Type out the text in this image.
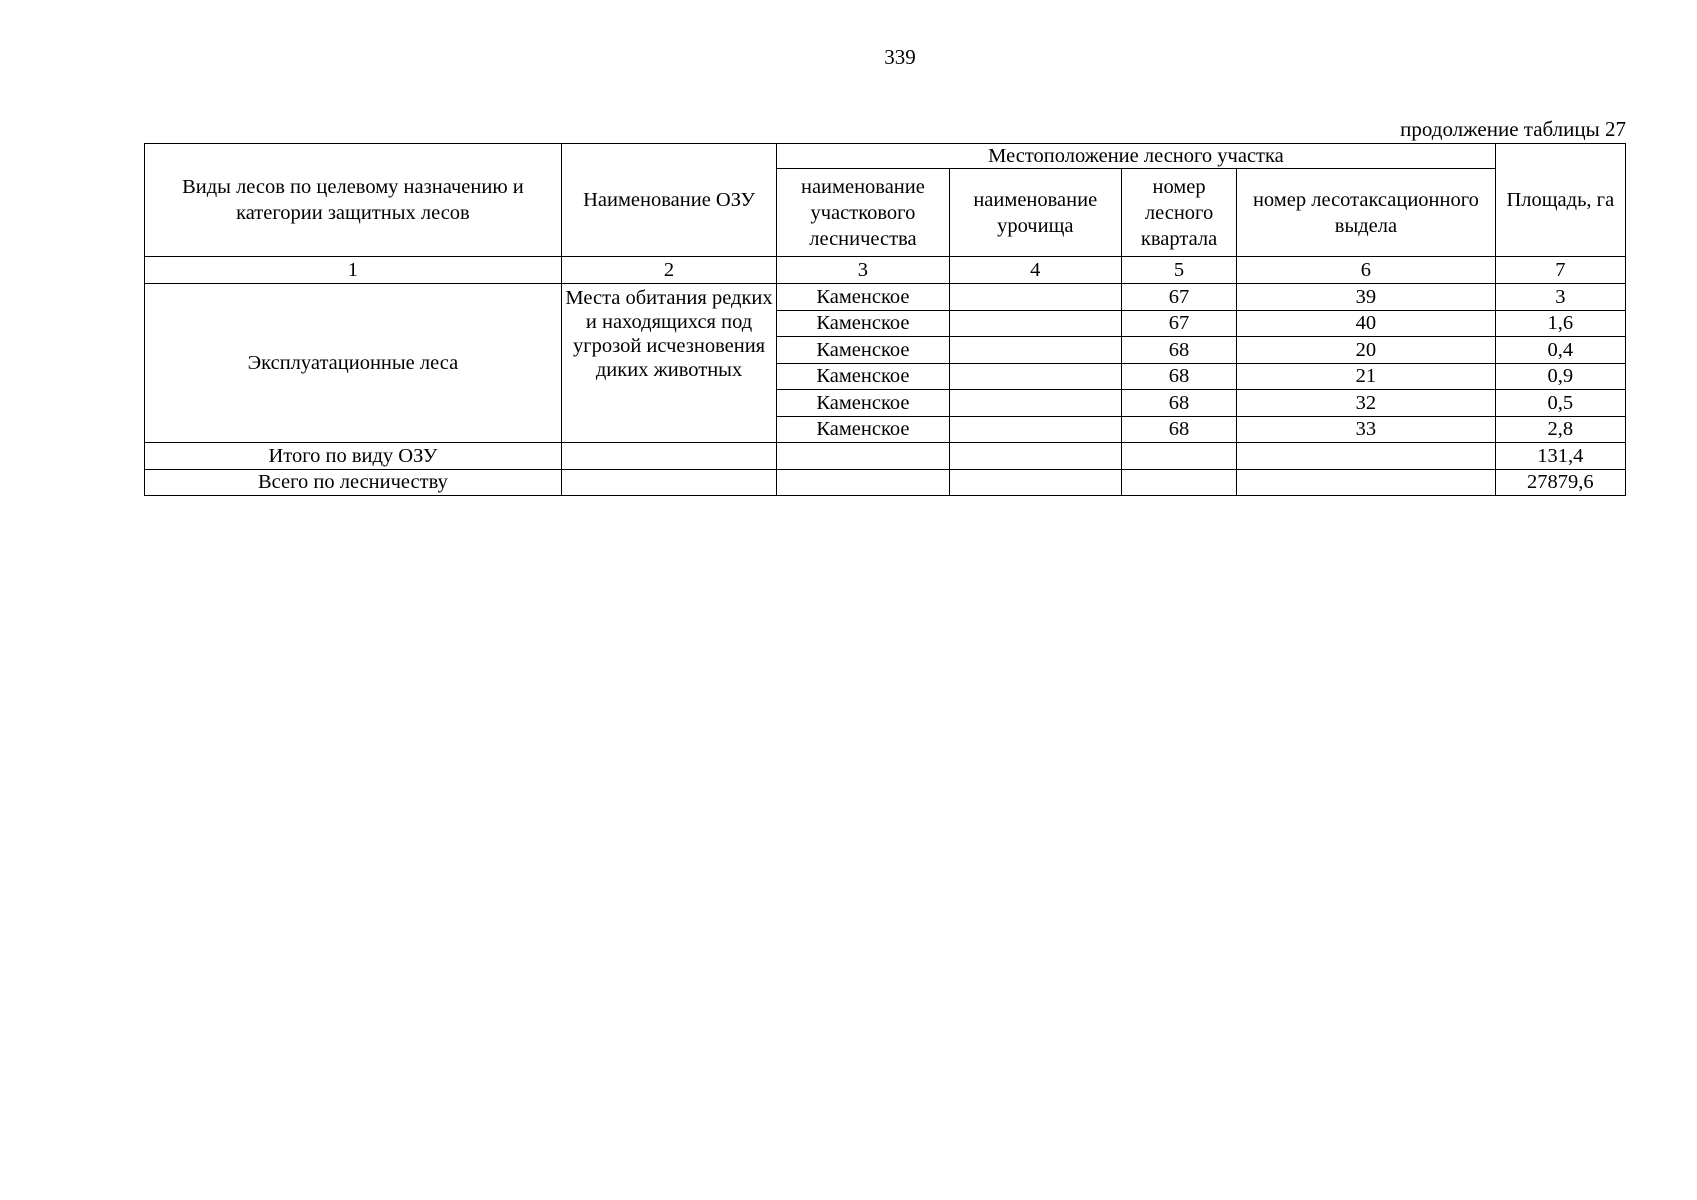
339
продолжение таблицы 27
Виды лесов по целевому назначению и категории защитных лесов	Наименование ОЗУ	Местоположение лесного участка				Площадь, га
		наименование участкового лесничества	наименование урочища	номер лесного квартала	номер лесотаксационного выдела	
1	2	3	4	5	6	7
Эксплуатационные леса	Места обитания редких и находящихся под угрозой исчезновения диких животных	Каменское		67	39	3
		Каменское		67	40	1,6
		Каменское		68	20	0,4
		Каменское		68	21	0,9
		Каменское		68	32	0,5
		Каменское		68	33	2,8
Итого по виду ОЗУ						131,4
Всего по лесничеству						27879,6
